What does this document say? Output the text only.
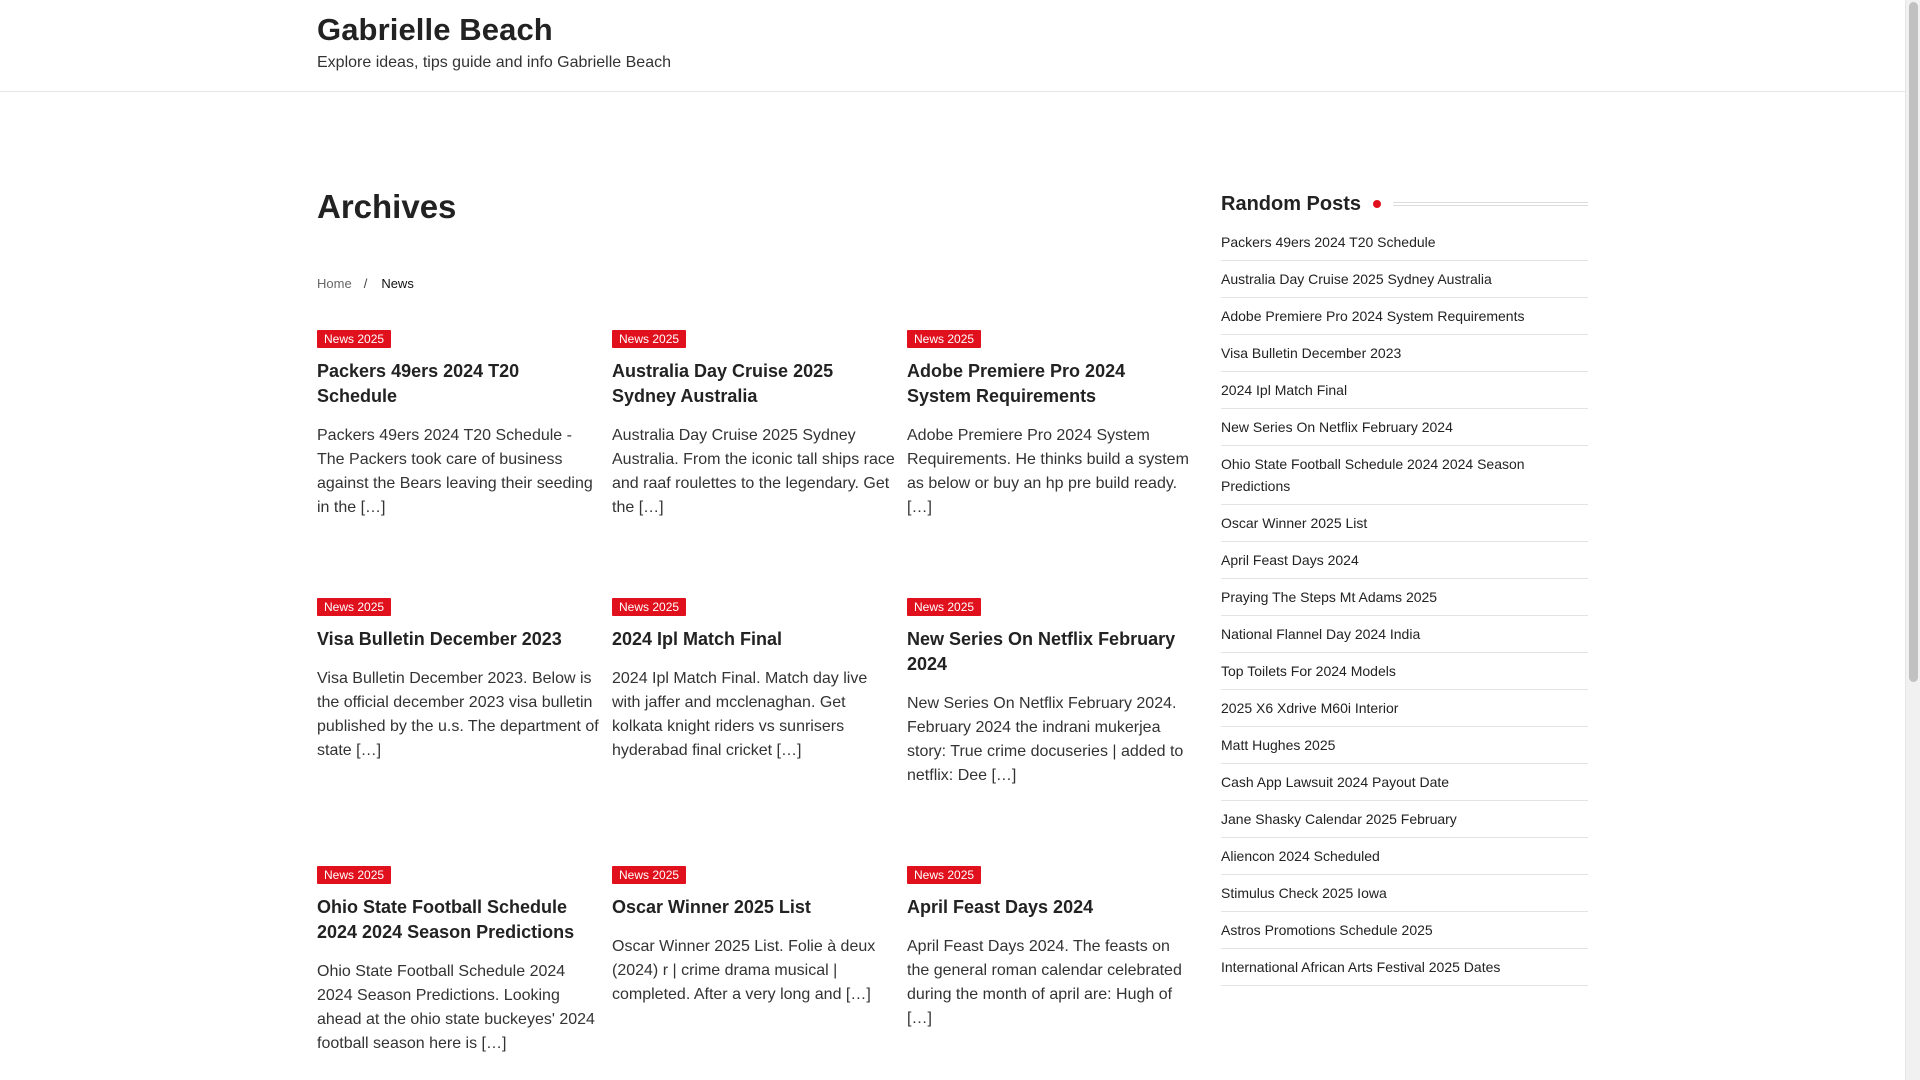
Gabrielle Beach
Explore ideas, tips guide and info Gabrielle Beach
Archives
Home / News
News 2025
Packers 49ers 2024 T20 Schedule

Packers 49ers 2024 T20 Schedule - The Packers took care of business against the Bears leaving their seeding in the […]

News 2025
Australia Day Cruise 2025 Sydney Australia

Australia Day Cruise 2025 Sydney Australia. From the iconic tall ships race and raaf roulettes to the legendary. Get the […]

News 2025
Adobe Premiere Pro 2024 System Requirements

Adobe Premiere Pro 2024 System Requirements. He thinks build a system as below or buy an hp pre build ready. […]

News 2025
Visa Bulletin December 2023

Visa Bulletin December 2023. Below is the official december 2023 visa bulletin published by the u.s. The department of state […]

News 2025
2024 Ipl Match Final

2024 Ipl Match Final. Match day live with jaffer and mcclenaghan. Get kolkata knight riders vs sunrisers hyderabad final cricket […]

News 2025
New Series On Netflix February 2024

New Series On Netflix February 2024. February 2024 the indrani mukerjea story: True crime docuseries | added to netflix: Dee […]

News 2025
Ohio State Football Schedule 2024 2024 Season Predictions

Ohio State Football Schedule 2024 2024 Season Predictions. Looking ahead at the ohio state buckeyes' 2024 football season here is […]

News 2025
Oscar Winner 2025 List

Oscar Winner 2025 List. Folie à deux (2024) r | crime drama musical | completed. After a very long and […]

News 2025
April Feast Days 2024

April Feast Days 2024. The feasts on the general roman calendar celebrated during the month of april are: Hugh of […]

Random Posts
Packers 49ers 2024 T20 Schedule
Australia Day Cruise 2025 Sydney Australia
Adobe Premiere Pro 2024 System Requirements
Visa Bulletin December 2023
2024 Ipl Match Final
New Series On Netflix February 2024
Ohio State Football Schedule 2024 2024 Season Predictions
Oscar Winner 2025 List
April Feast Days 2024
Praying The Steps Mt Adams 2025
National Flannel Day 2024 India
Top Toilets For 2024 Models
2025 X6 Xdrive M60i Interior
Matt Hughes 2025
Cash App Lawsuit 2024 Payout Date
Jane Shasky Calendar 2025 February
Aliencon 2024 Scheduled
Stimulus Check 2025 Iowa
Astros Promotions Schedule 2025
International African Arts Festival 2025 Dates
